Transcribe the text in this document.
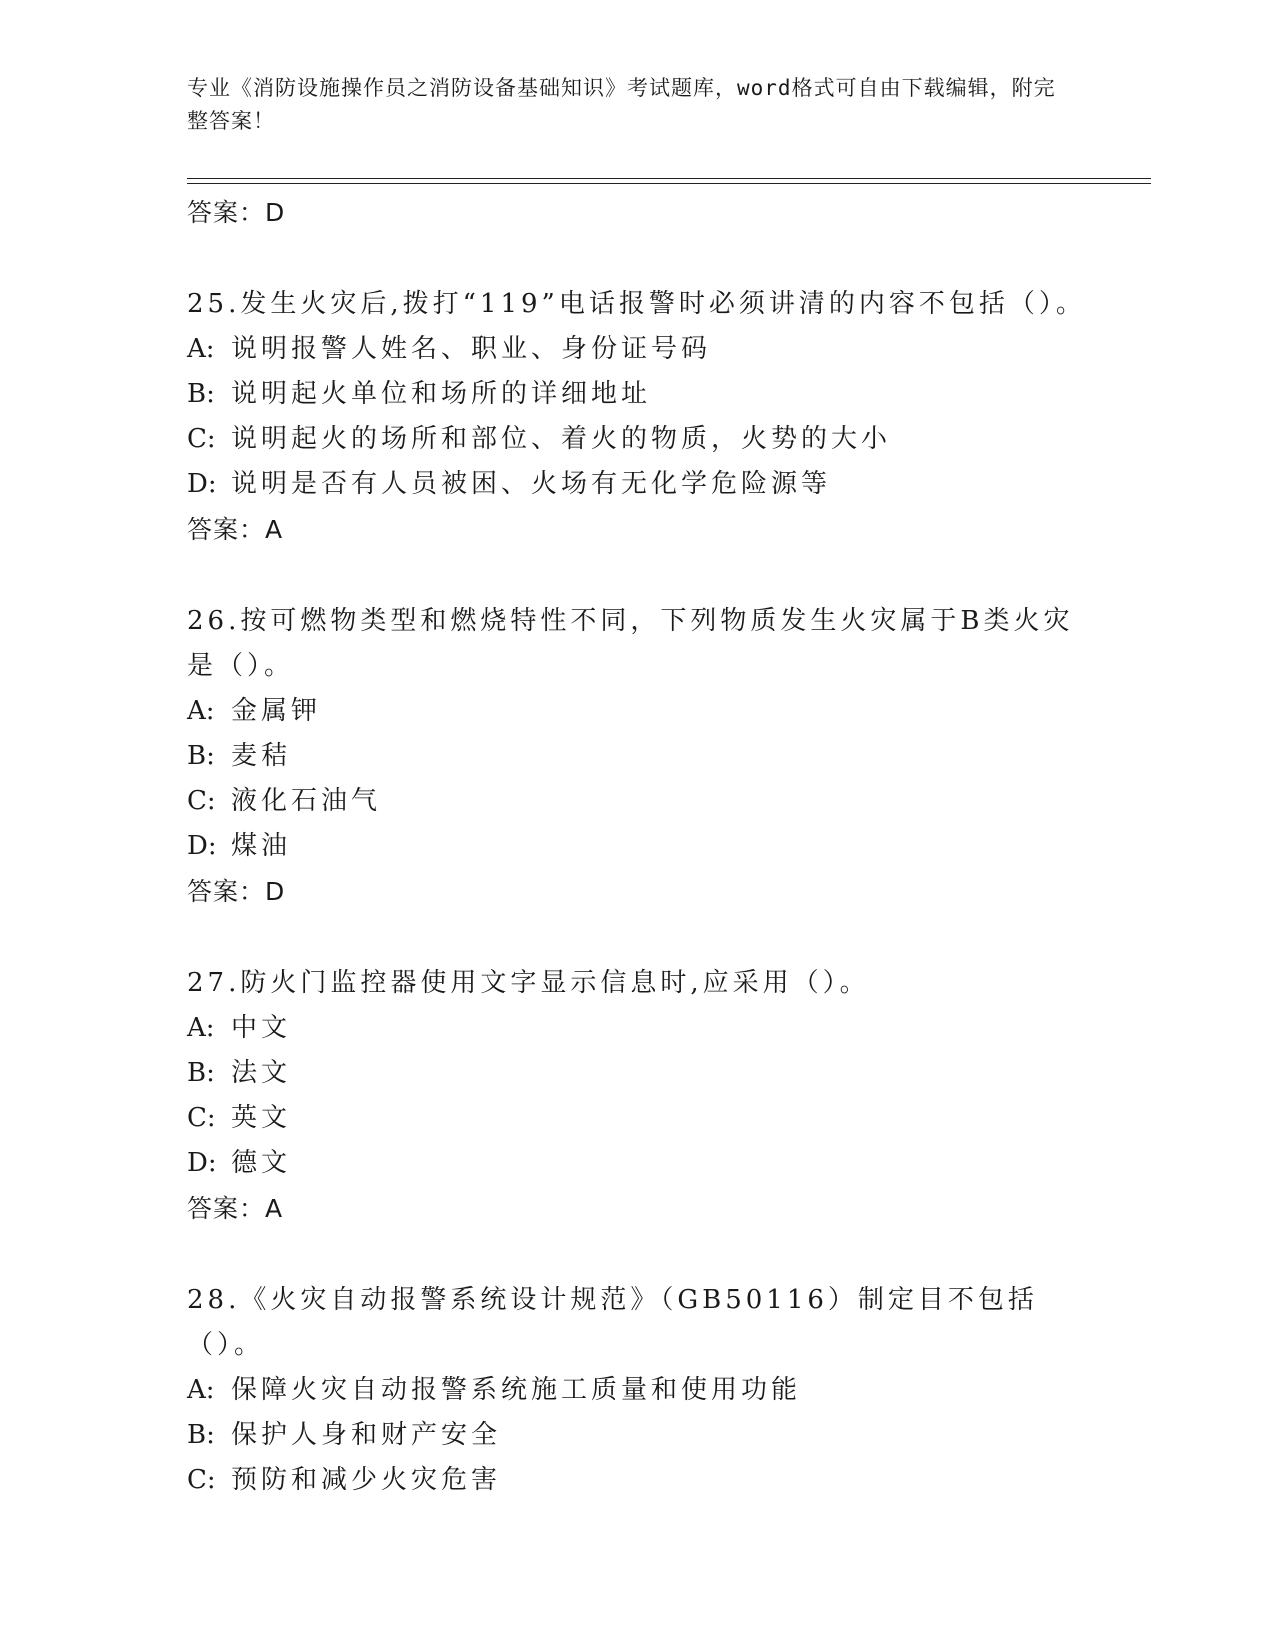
专业《消防设施操作员之消防设备基础知识》考试题库，word格式可自由下载编辑，附完整答案！
答案：D
25.发生火灾后,拨打“119”电话报警时必须讲清的内容不包括（）。
A: 说明报警人姓名、职业、身份证号码
B: 说明起火单位和场所的详细地址
C: 说明起火的场所和部位、着火的物质，火势的大小
D: 说明是否有人员被困、火场有无化学危险源等
答案：A
26.按可燃物类型和燃烧特性不同，下列物质发生火灾属于B类火灾是（）。
A: 金属钾
B: 麦秸
C: 液化石油气
D: 煤油
答案：D
27.防火门监控器使用文字显示信息时,应采用（）。
A: 中文
B: 法文
C: 英文
D: 德文
答案：A
28.《火灾自动报警系统设计规范》（GB50116）制定目不包括（）。
A: 保障火灾自动报警系统施工质量和使用功能
B: 保护人身和财产安全
C: 预防和减少火灾危害
